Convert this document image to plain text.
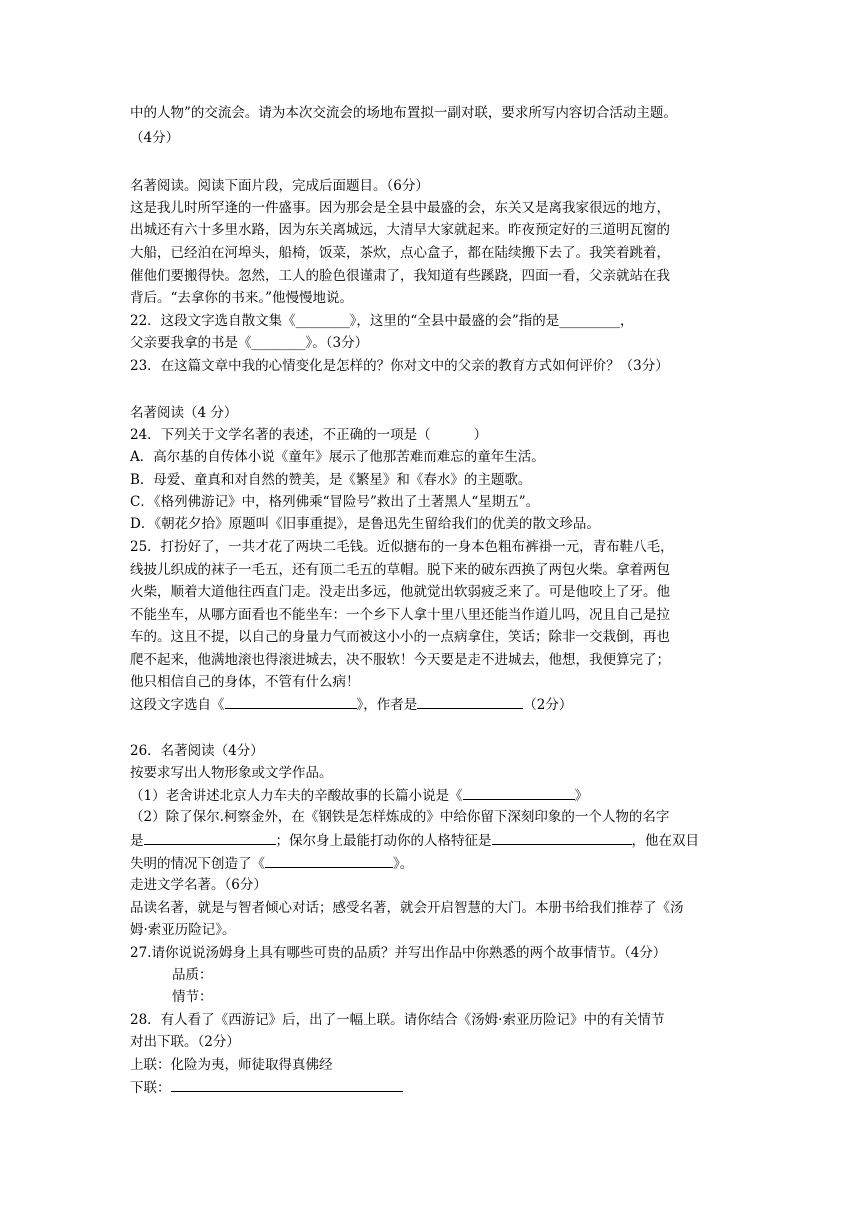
中的人物”的交流会。请为本次交流会的场地布置拟一副对联，要求所写内容切合活动主题。
（4分）
名著阅读。阅读下面片段，完成后面题目。（6分）
这是我儿时所罕逢的一件盛事。因为那会是全县中最盛的会，东关又是离我家很远的地方，
出城还有六十多里水路，因为东关离城远，大清早大家就起来。昨夜预定好的三道明瓦窗的
大船，已经泊在河埠头，船椅，饭菜，茶炊，点心盒子，都在陆续搬下去了。我笑着跳着，
催他们要搬得快。忽然，工人的脸色很谨肃了，我知道有些蹊跷，四面一看，父亲就站在我
背后。“去拿你的书来。”他慢慢地说。
22．这段文字选自散文集《________》，这里的“全县中最盛的会”指的是_________，
父亲要我拿的书是《________》。（3分）
23．在这篇文章中我的心情变化是怎样的？你对文中的父亲的教育方式如何评价？（3分）
名著阅读（4 分）
24．下列关于文学名著的表述，不正确的一项是（          ）
A．高尔基的自传体小说《童年》展示了他那苦难而难忘的童年生活。
B．母爱、童真和对自然的赞美，是《繁星》和《春水》的主题歌。
C．《格列佛游记》中，格列佛乘“冒险号”救出了土著黑人“星期五”。
D．《朝花夕拾》原题叫《旧事重提》，是鲁迅先生留给我们的优美的散文珍品。
25．打扮好了，一共才花了两块二毛钱。近似搪布的一身本色粗布裤褂一元，青布鞋八毛，
线披儿织成的袜子一毛五，还有顶二毛五的草帽。脱下来的破东西换了两包火柴。拿着两包
火柴，顺着大道他往西直门走。没走出多远，他就觉出软弱疲乏来了。可是他咬上了牙。他
不能坐车，从哪方面看也不能坐车：一个乡下人拿十里八里还能当作道儿吗，况且自己是拉
车的。这且不提，以自己的身量力气而被这小小的一点病拿住，笑话；除非一交栽倒，再也
爬不起来，他满地滚也得滚进城去，决不服软！今天要是走不进城去，他想，我便算完了；
他只相信自己的身体，不管有什么病！
这段文字选自《	》，作者是	（2分）
26．名著阅读（4分）
按要求写出人物形象或文学作品。
（1）老舍讲述北京人力车夫的辛酸故事的长篇小说是《	》
（2）除了保尔.柯察金外，在《钢铁是怎样炼成的》中给你留下深刻印象的一个人物的名字
是	；保尔身上最能打动你的人格特征是	，他在双目
失明的情况下创造了《	》。
走进文学名著。（6分）
品读名著，就是与智者倾心对话；感受名著，就会开启智慧的大门。本册书给我们推荐了《汤
姆·索亚历险记》。
27.请你说说汤姆身上具有哪些可贵的品质？并写出作品中你熟悉的两个故事情节。（4分）
品质：
情节：
28．有人看了《西游记》后，出了一幅上联。请你结合《汤姆·索亚历险记》中的有关情节
对出下联。（2分）
上联：化险为夷，师徒取得真佛经
下联：
